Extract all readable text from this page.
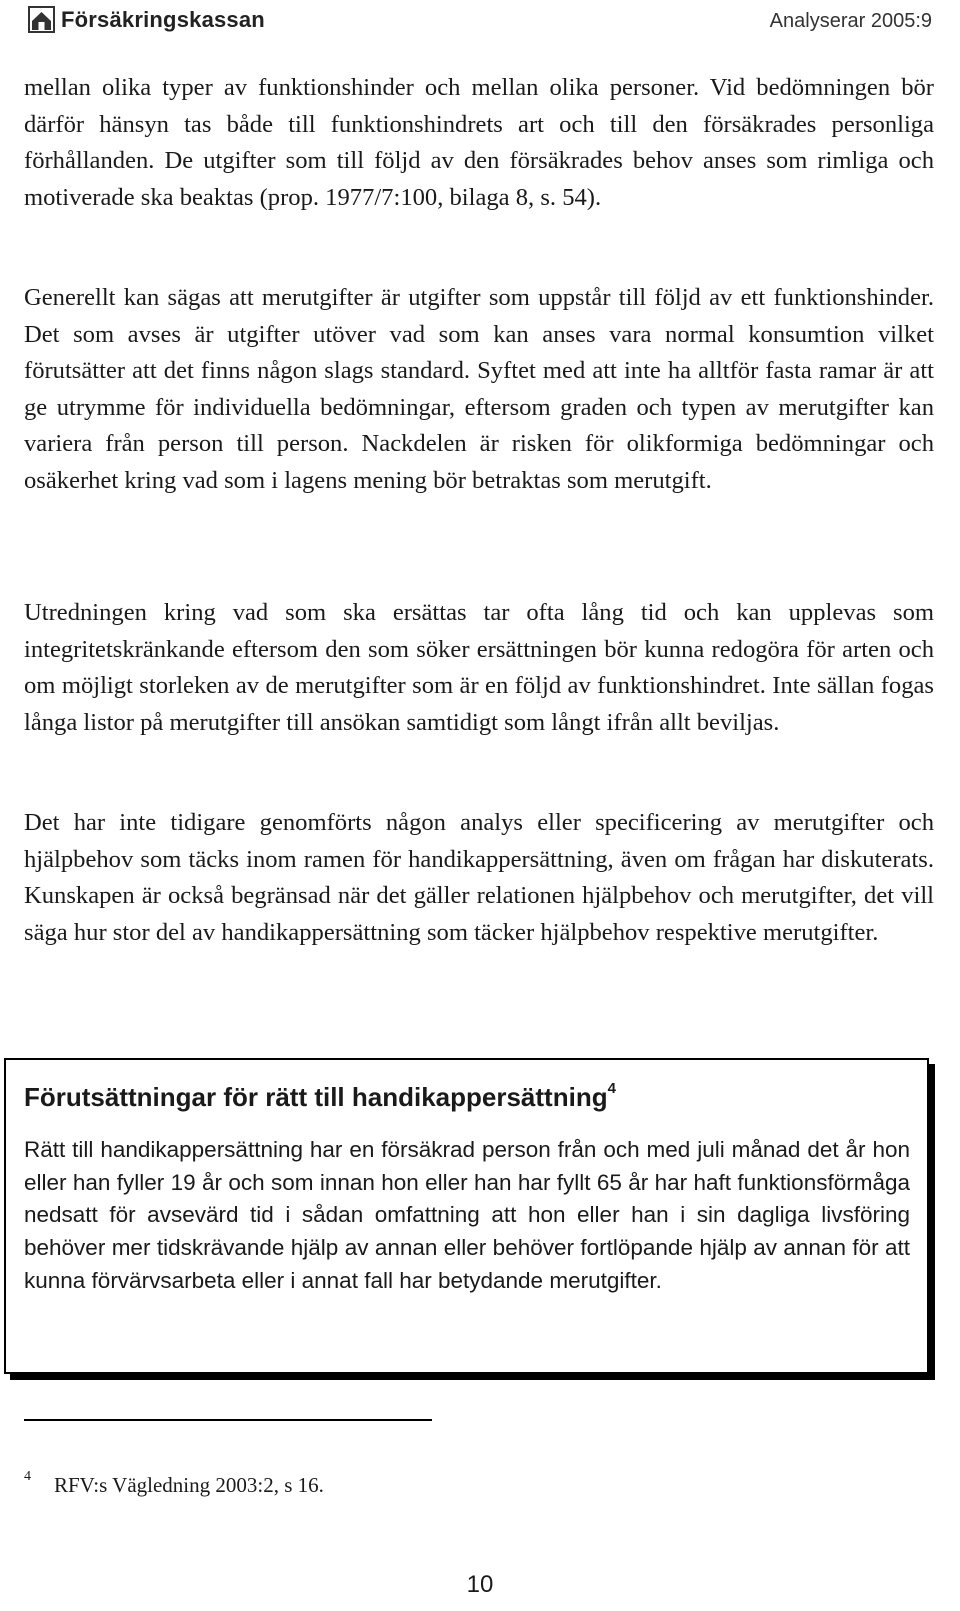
Försäkringskassan	Analyserar 2005:9

mellan olika typer av funktionshinder och mellan olika personer. Vid bedömningen bör därför hänsyn tas både till funktionshindrets art och till den försäkrades personliga förhållanden. De utgifter som till följd av den försäkrades behov anses som rimliga och motiverade ska beaktas (prop. 1977/7:100, bilaga 8, s. 54).

Generellt kan sägas att merutgifter är utgifter som uppstår till följd av ett funktionshinder. Det som avses är utgifter utöver vad som kan anses vara normal konsumtion vilket förutsätter att det finns någon slags standard. Syftet med att inte ha alltför fasta ramar är att ge utrymme för individuella bedömningar, eftersom graden och typen av merutgifter kan variera från person till person. Nackdelen är risken för olikformiga bedömningar och osäkerhet kring vad som i lagens mening bör betraktas som merutgift.

Utredningen kring vad som ska ersättas tar ofta lång tid och kan upplevas som integritetskränkande eftersom den som söker ersättningen bör kunna redogöra för arten och om möjligt storleken av de merutgifter som är en följd av funktionshindret. Inte sällan fogas långa listor på merutgifter till ansökan samtidigt som långt ifrån allt beviljas.

Det har inte tidigare genomförts någon analys eller specificering av merutgifter och hjälpbehov som täcks inom ramen för handikappersättning, även om frågan har diskuterats. Kunskapen är också begränsad när det gäller relationen hjälpbehov och merutgifter, det vill säga hur stor del av handikappersättning som täcker hjälpbehov respektive merutgifter.

Förutsättningar för rätt till handikappersättning$^4$

Rätt till handikappersättning har en försäkrad person från och med juli månad det år hon eller han fyller 19 år och som innan hon eller han har fyllt 65 år har haft funktionsförmåga nedsatt för avsevärd tid i sådan omfattning att hon eller han i sin dagliga livsföring behöver mer tidskrävande hjälp av annan eller behöver fortlöpande hjälp av annan för att kunna förvärvsarbeta eller i annat fall har betydande merutgifter.

4 RFV:s Vägledning 2003:2, s 16.
10
